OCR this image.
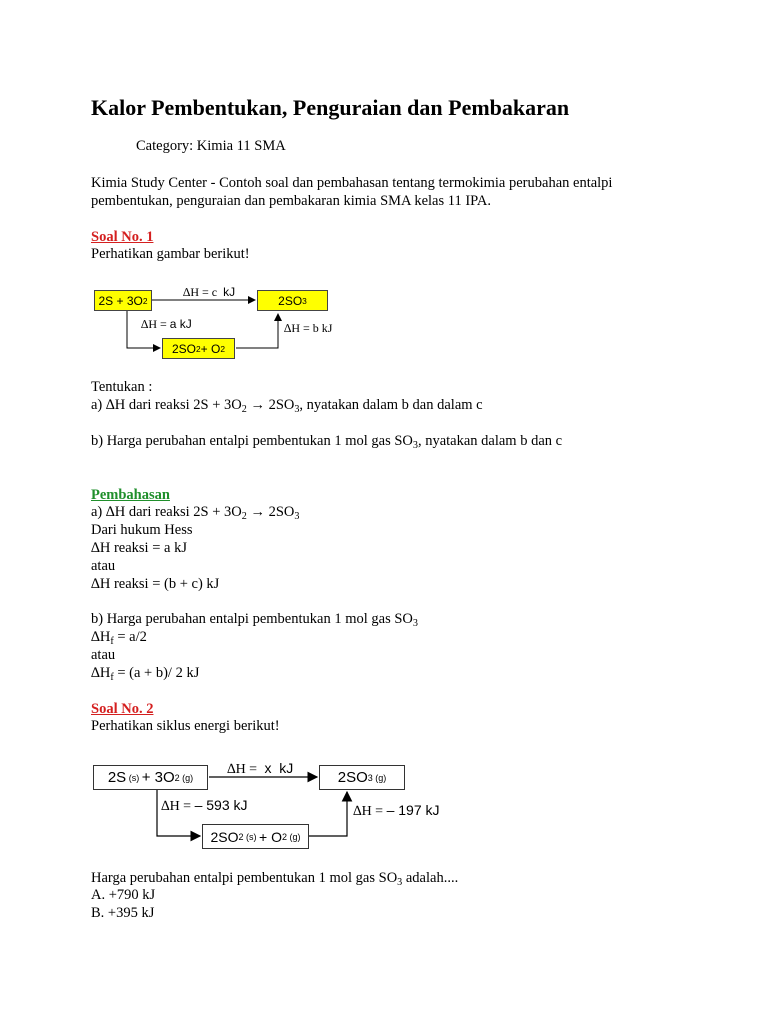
Kalor Pembentukan, Penguraian dan Pembakaran
Category: Kimia 11 SMA
Kimia Study Center - Contoh soal dan pembahasan tentang termokimia perubahan entalpi
pembentukan, penguraian dan pembakaran kimia SMA kelas 11 IPA.
Soal No. 1
Perhatikan gambar berikut!
2S + 3O 2	2SO 3
2SO 2 + O 2
∆H = c  kJ
∆H = a kJ	∆H = b kJ
Tentukan :
a) ∆H dari reaksi $2S + 3O_2 \to 2SO_3$, nyatakan dalam b dan dalam c
b) Harga perubahan entalpi pembentukan 1 mol gas $SO_3$, nyatakan dalam b dan c
Pembahasan
a) ∆H dari reaksi $2S + 3O_2 \to 2SO_3$
Dari hukum Hess
∆H reaksi = a kJ
atau
∆H reaksi = (b + c) kJ
b) Harga perubahan entalpi pembentukan 1 mol gas $SO_3$
$\Delta H_f = a/2$
atau
$\Delta H_f = (a + b)/$ 2 kJ
Soal No. 2
Perhatikan siklus energi berikut!
2S (s) + 3O 2 (g)	2SO 3 (g)
2SO 2 (s) + O 2 (g)
∆H =  x  kJ
∆H = – 593 kJ	∆H = – 197 kJ
Harga perubahan entalpi pembentukan 1 mol gas $SO_3$ adalah....
A. +790 kJ
B. +395 kJ
